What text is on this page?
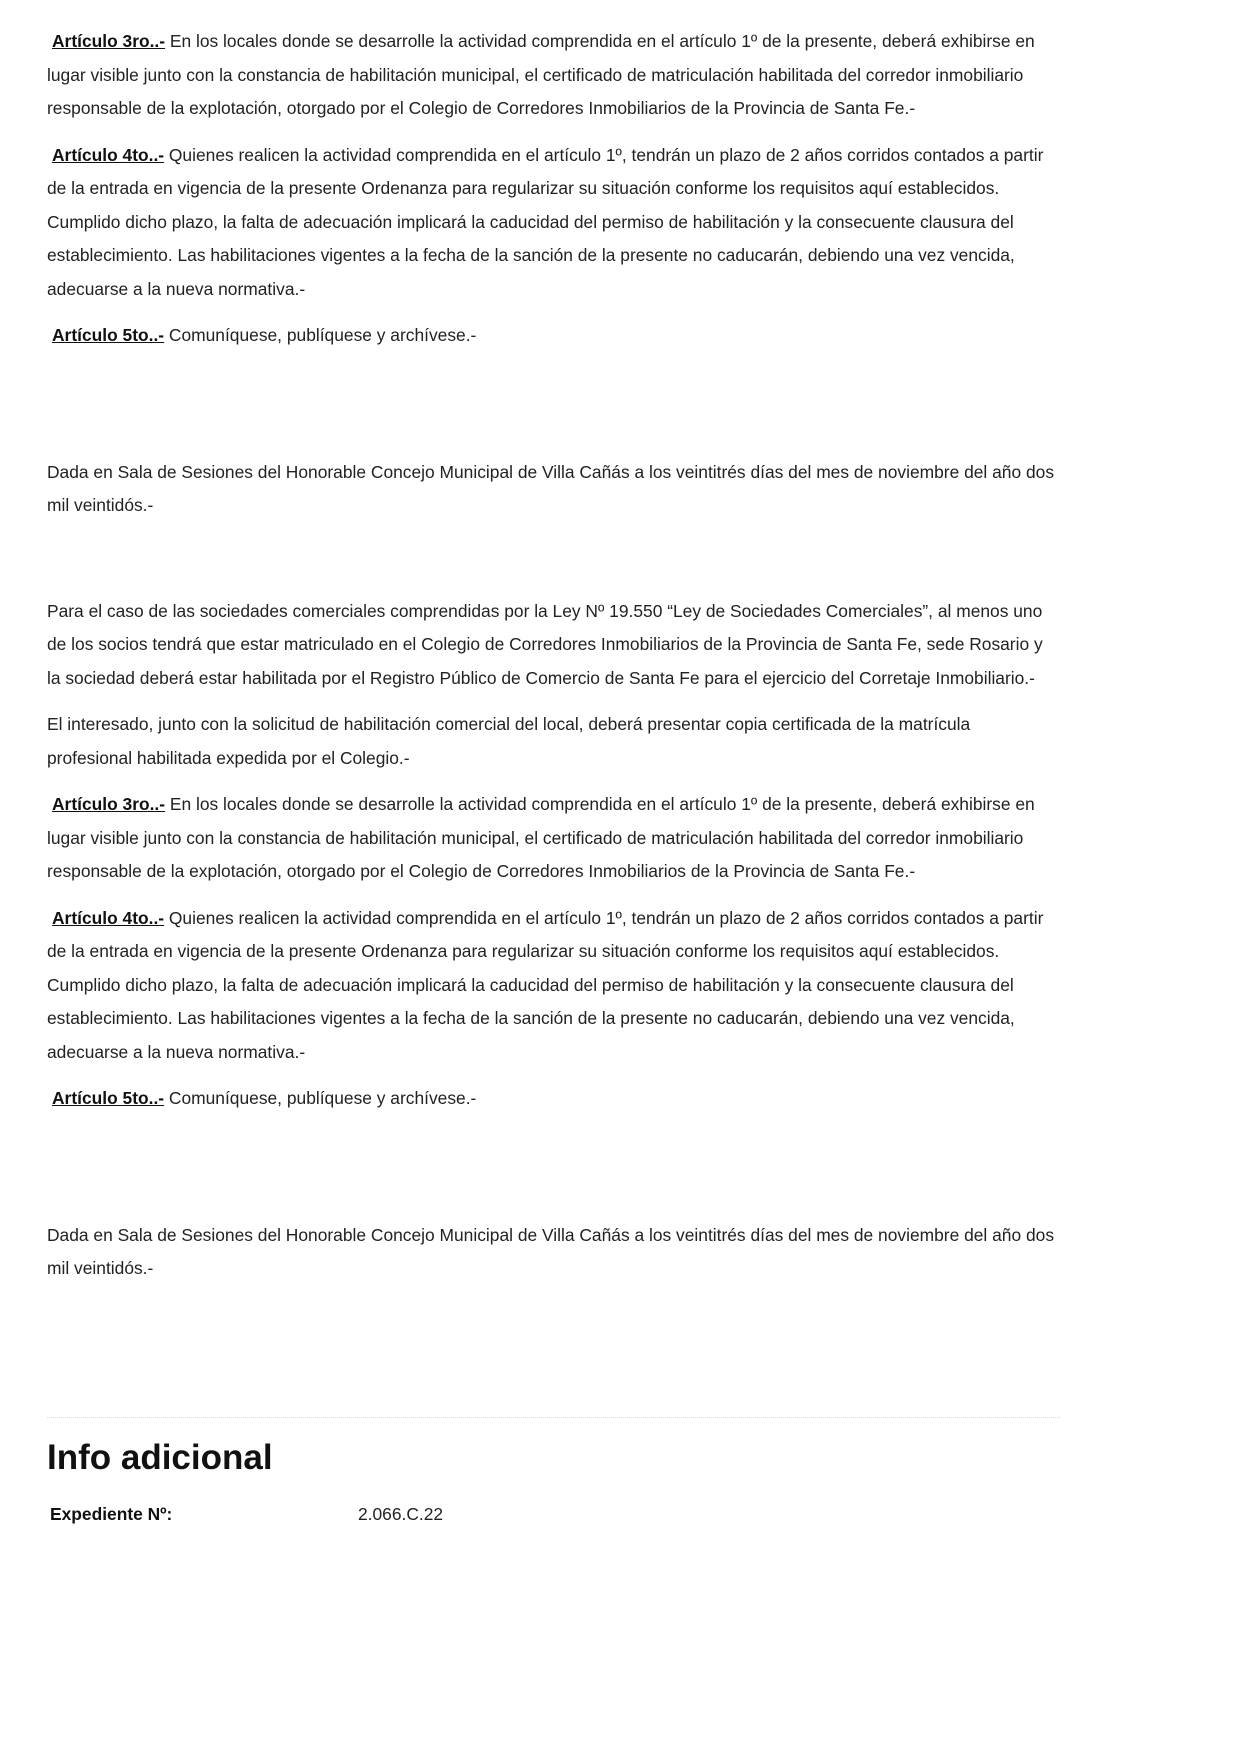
Artículo 3ro..- En los locales donde se desarrolle la actividad comprendida en el artículo 1º de la presente, deberá exhibirse en lugar visible junto con la constancia de habilitación municipal, el certificado de matriculación habilitada del corredor inmobiliario responsable de la explotación, otorgado por el Colegio de Corredores Inmobiliarios de la Provincia de Santa Fe.-

Artículo 4to..- Quienes realicen la actividad comprendida en el artículo 1º, tendrán un plazo de 2 años corridos contados a partir de la entrada en vigencia de la presente Ordenanza para regularizar su situación conforme los requisitos aquí establecidos. Cumplido dicho plazo, la falta de adecuación implicará la caducidad del permiso de habilitación y la consecuente clausura del establecimiento. Las habilitaciones vigentes a la fecha de la sanción de la presente no caducarán, debiendo una vez vencida, adecuarse a la nueva normativa.-

Artículo 5to..- Comuníquese, publíquese y archívese.-

Dada en Sala de Sesiones del Honorable Concejo Municipal de Villa Cañás a los veintitrés días del mes de noviembre del año dos mil veintidós.-

Para el caso de las sociedades comerciales comprendidas por la Ley Nº 19.550 “Ley de Sociedades Comerciales”, al menos uno de los socios tendrá que estar matriculado en el Colegio de Corredores Inmobiliarios de la Provincia de Santa Fe, sede Rosario y la sociedad deberá estar habilitada por el Registro Público de Comercio de Santa Fe para el ejercicio del Corretaje Inmobiliario.-

El interesado, junto con la solicitud de habilitación comercial del local, deberá presentar copia certificada de la matrícula profesional habilitada expedida por el Colegio.-

Artículo 3ro..- En los locales donde se desarrolle la actividad comprendida en el artículo 1º de la presente, deberá exhibirse en lugar visible junto con la constancia de habilitación municipal, el certificado de matriculación habilitada del corredor inmobiliario responsable de la explotación, otorgado por el Colegio de Corredores Inmobiliarios de la Provincia de Santa Fe.-

Artículo 4to..- Quienes realicen la actividad comprendida en el artículo 1º, tendrán un plazo de 2 años corridos contados a partir de la entrada en vigencia de la presente Ordenanza para regularizar su situación conforme los requisitos aquí establecidos. Cumplido dicho plazo, la falta de adecuación implicará la caducidad del permiso de habilitación y la consecuente clausura del establecimiento. Las habilitaciones vigentes a la fecha de la sanción de la presente no caducarán, debiendo una vez vencida, adecuarse a la nueva normativa.-

Artículo 5to..- Comuníquese, publíquese y archívese.-

Dada en Sala de Sesiones del Honorable Concejo Municipal de Villa Cañás a los veintitrés días del mes de noviembre del año dos mil veintidós.-

Info adicional
Expediente Nº:	2.066.C.22
